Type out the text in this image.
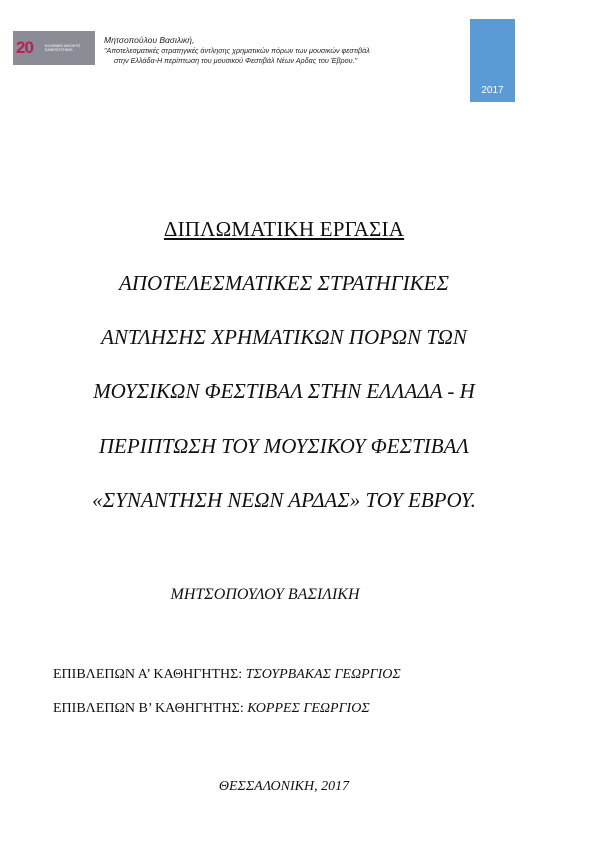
20	ΕΛΛΗΝΙΚΌ ΑΝΟΙΚΤΌ ΠΑΝΕΠΙΣΤΉΜΙΟ
Μητσοπούλου Βασιλική,
"Αποτελεσματικές στρατηγικές άντλησης χρηματικών πόρων των μουσικών φεστιβάλ
στην Ελλάδα-Η περίπτωση του μουσικού Φεστιβάλ Νέων Αρδας του Έβρου."
2017
ΔΙΠΛΩΜΑΤΙΚΗ ΕΡΓΑΣΙΑ
ΑΠΟΤΕΛΕΣΜΑΤΙΚΕΣ ΣΤΡΑΤΗΓΙΚΕΣ
ΑΝΤΛΗΣΗΣ ΧΡΗΜΑΤΙΚΩΝ ΠΟΡΩΝ ΤΩΝ
ΜΟΥΣΙΚΩΝ ΦΕΣΤΙΒΑΛ ΣΤΗΝ ΕΛΛΑΔΑ - Η
ΠΕΡΙΠΤΩΣΗ ΤΟΥ ΜΟΥΣΙΚΟΥ ΦΕΣΤΙΒΑΛ
«ΣΥΝΑΝΤΗΣΗ ΝΕΩΝ ΑΡΔΑΣ» ΤΟΥ ΕΒΡΟΥ.
ΜΗΤΣΟΠΟΥΛΟΥ ΒΑΣΙΛΙΚΗ
ΕΠΙΒΛΕΠΩΝ Α’ ΚΑΘΗΓΗΤΗΣ: ΤΣΟΥΡΒΑΚΑΣ ΓΕΩΡΓΙΟΣ
ΕΠΙΒΛΕΠΩΝ Β’ ΚΑΘΗΓΗΤΗΣ: ΚΟΡΡΕΣ ΓΕΩΡΓΙΟΣ
ΘΕΣΣΑΛΟΝΙΚΗ, 2017
